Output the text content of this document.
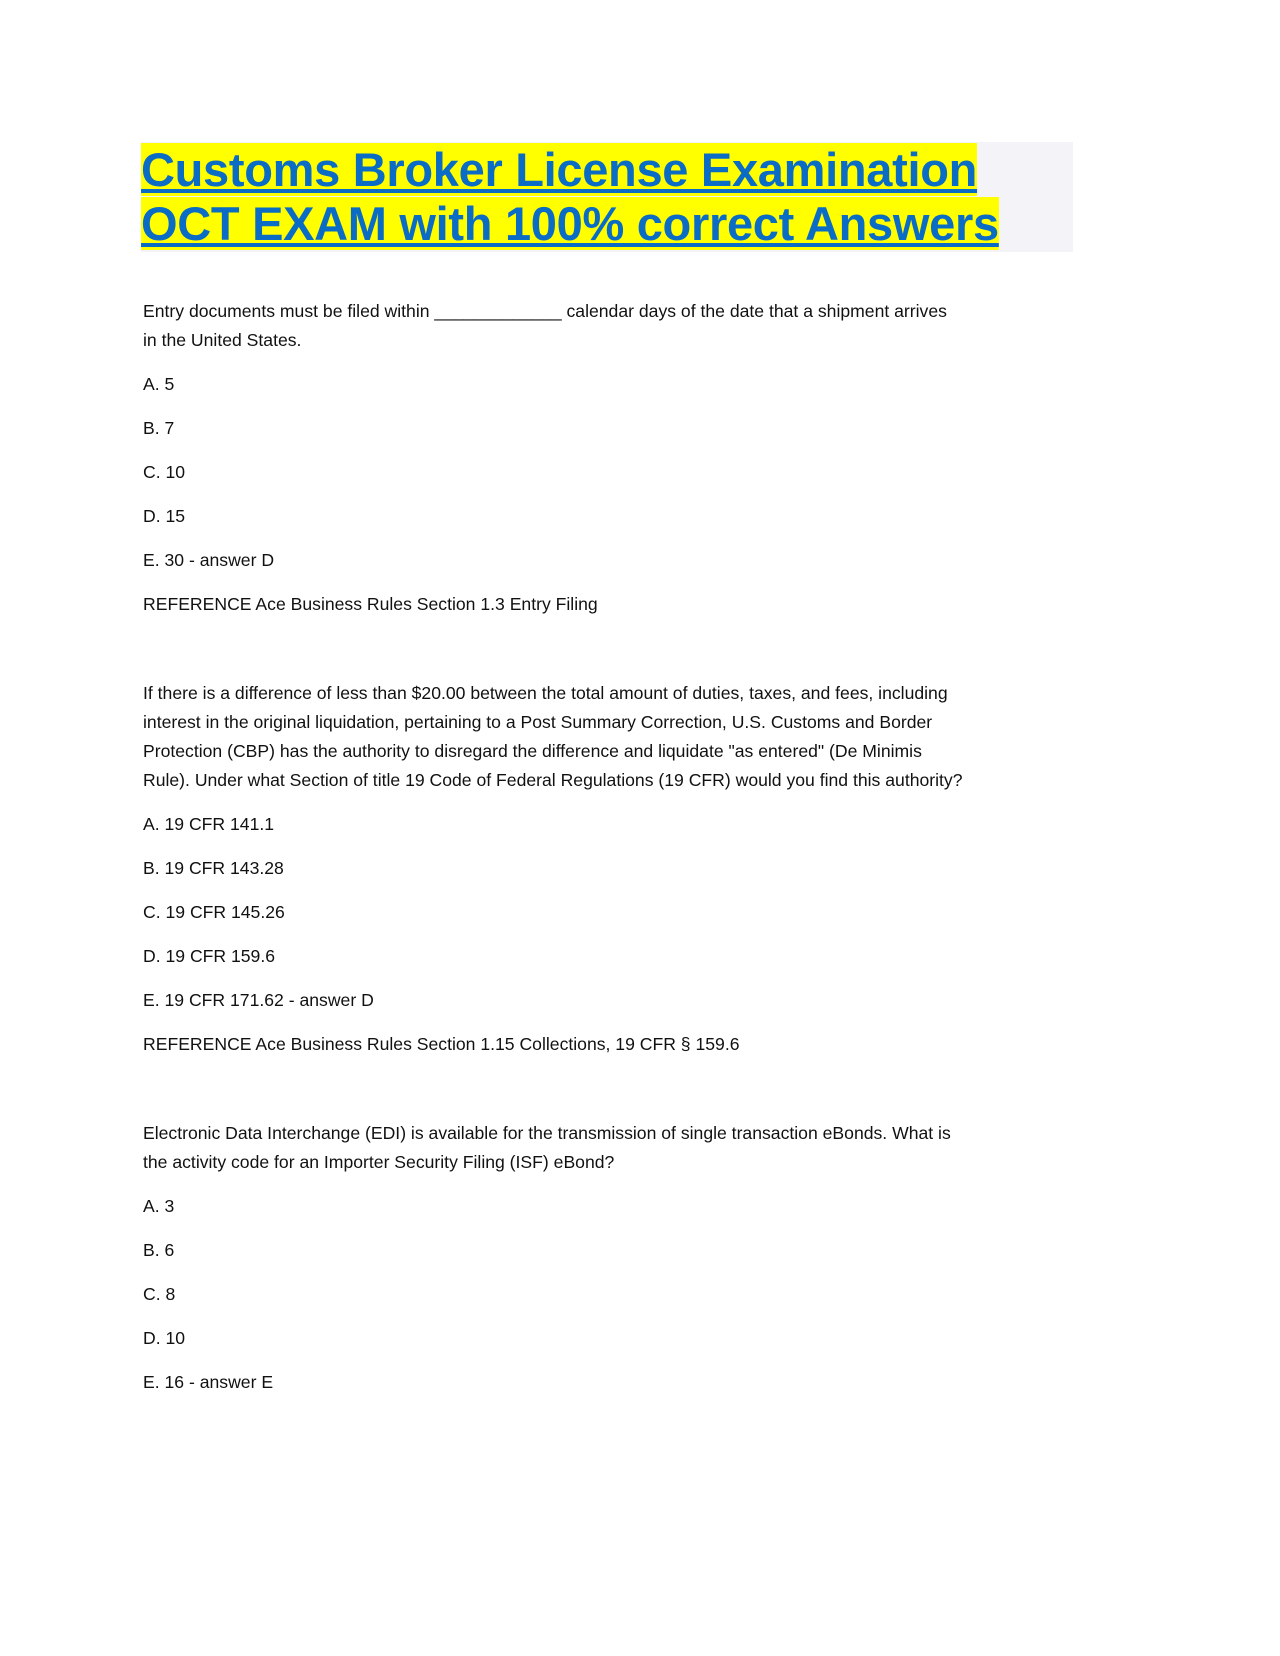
Customs Broker License Examination
OCT EXAM with 100% correct Answers
Entry documents must be filed within _____________ calendar days of the date that a shipment arrives
in the United States.
A. 5
B. 7
C. 10
D. 15
E. 30 - answer D
REFERENCE Ace Business Rules Section 1.3 Entry Filing
If there is a difference of less than $20.00 between the total amount of duties, taxes, and fees, including
interest in the original liquidation, pertaining to a Post Summary Correction, U.S. Customs and Border
Protection (CBP) has the authority to disregard the difference and liquidate "as entered" (De Minimis
Rule). Under what Section of title 19 Code of Federal Regulations (19 CFR) would you find this authority?
A. 19 CFR 141.1
B. 19 CFR 143.28
C. 19 CFR 145.26
D. 19 CFR 159.6
E. 19 CFR 171.62 - answer D
REFERENCE Ace Business Rules Section 1.15 Collections, 19 CFR § 159.6
Electronic Data Interchange (EDI) is available for the transmission of single transaction eBonds. What is
the activity code for an Importer Security Filing (ISF) eBond?
A. 3
B. 6
C. 8
D. 10
E. 16 - answer E
